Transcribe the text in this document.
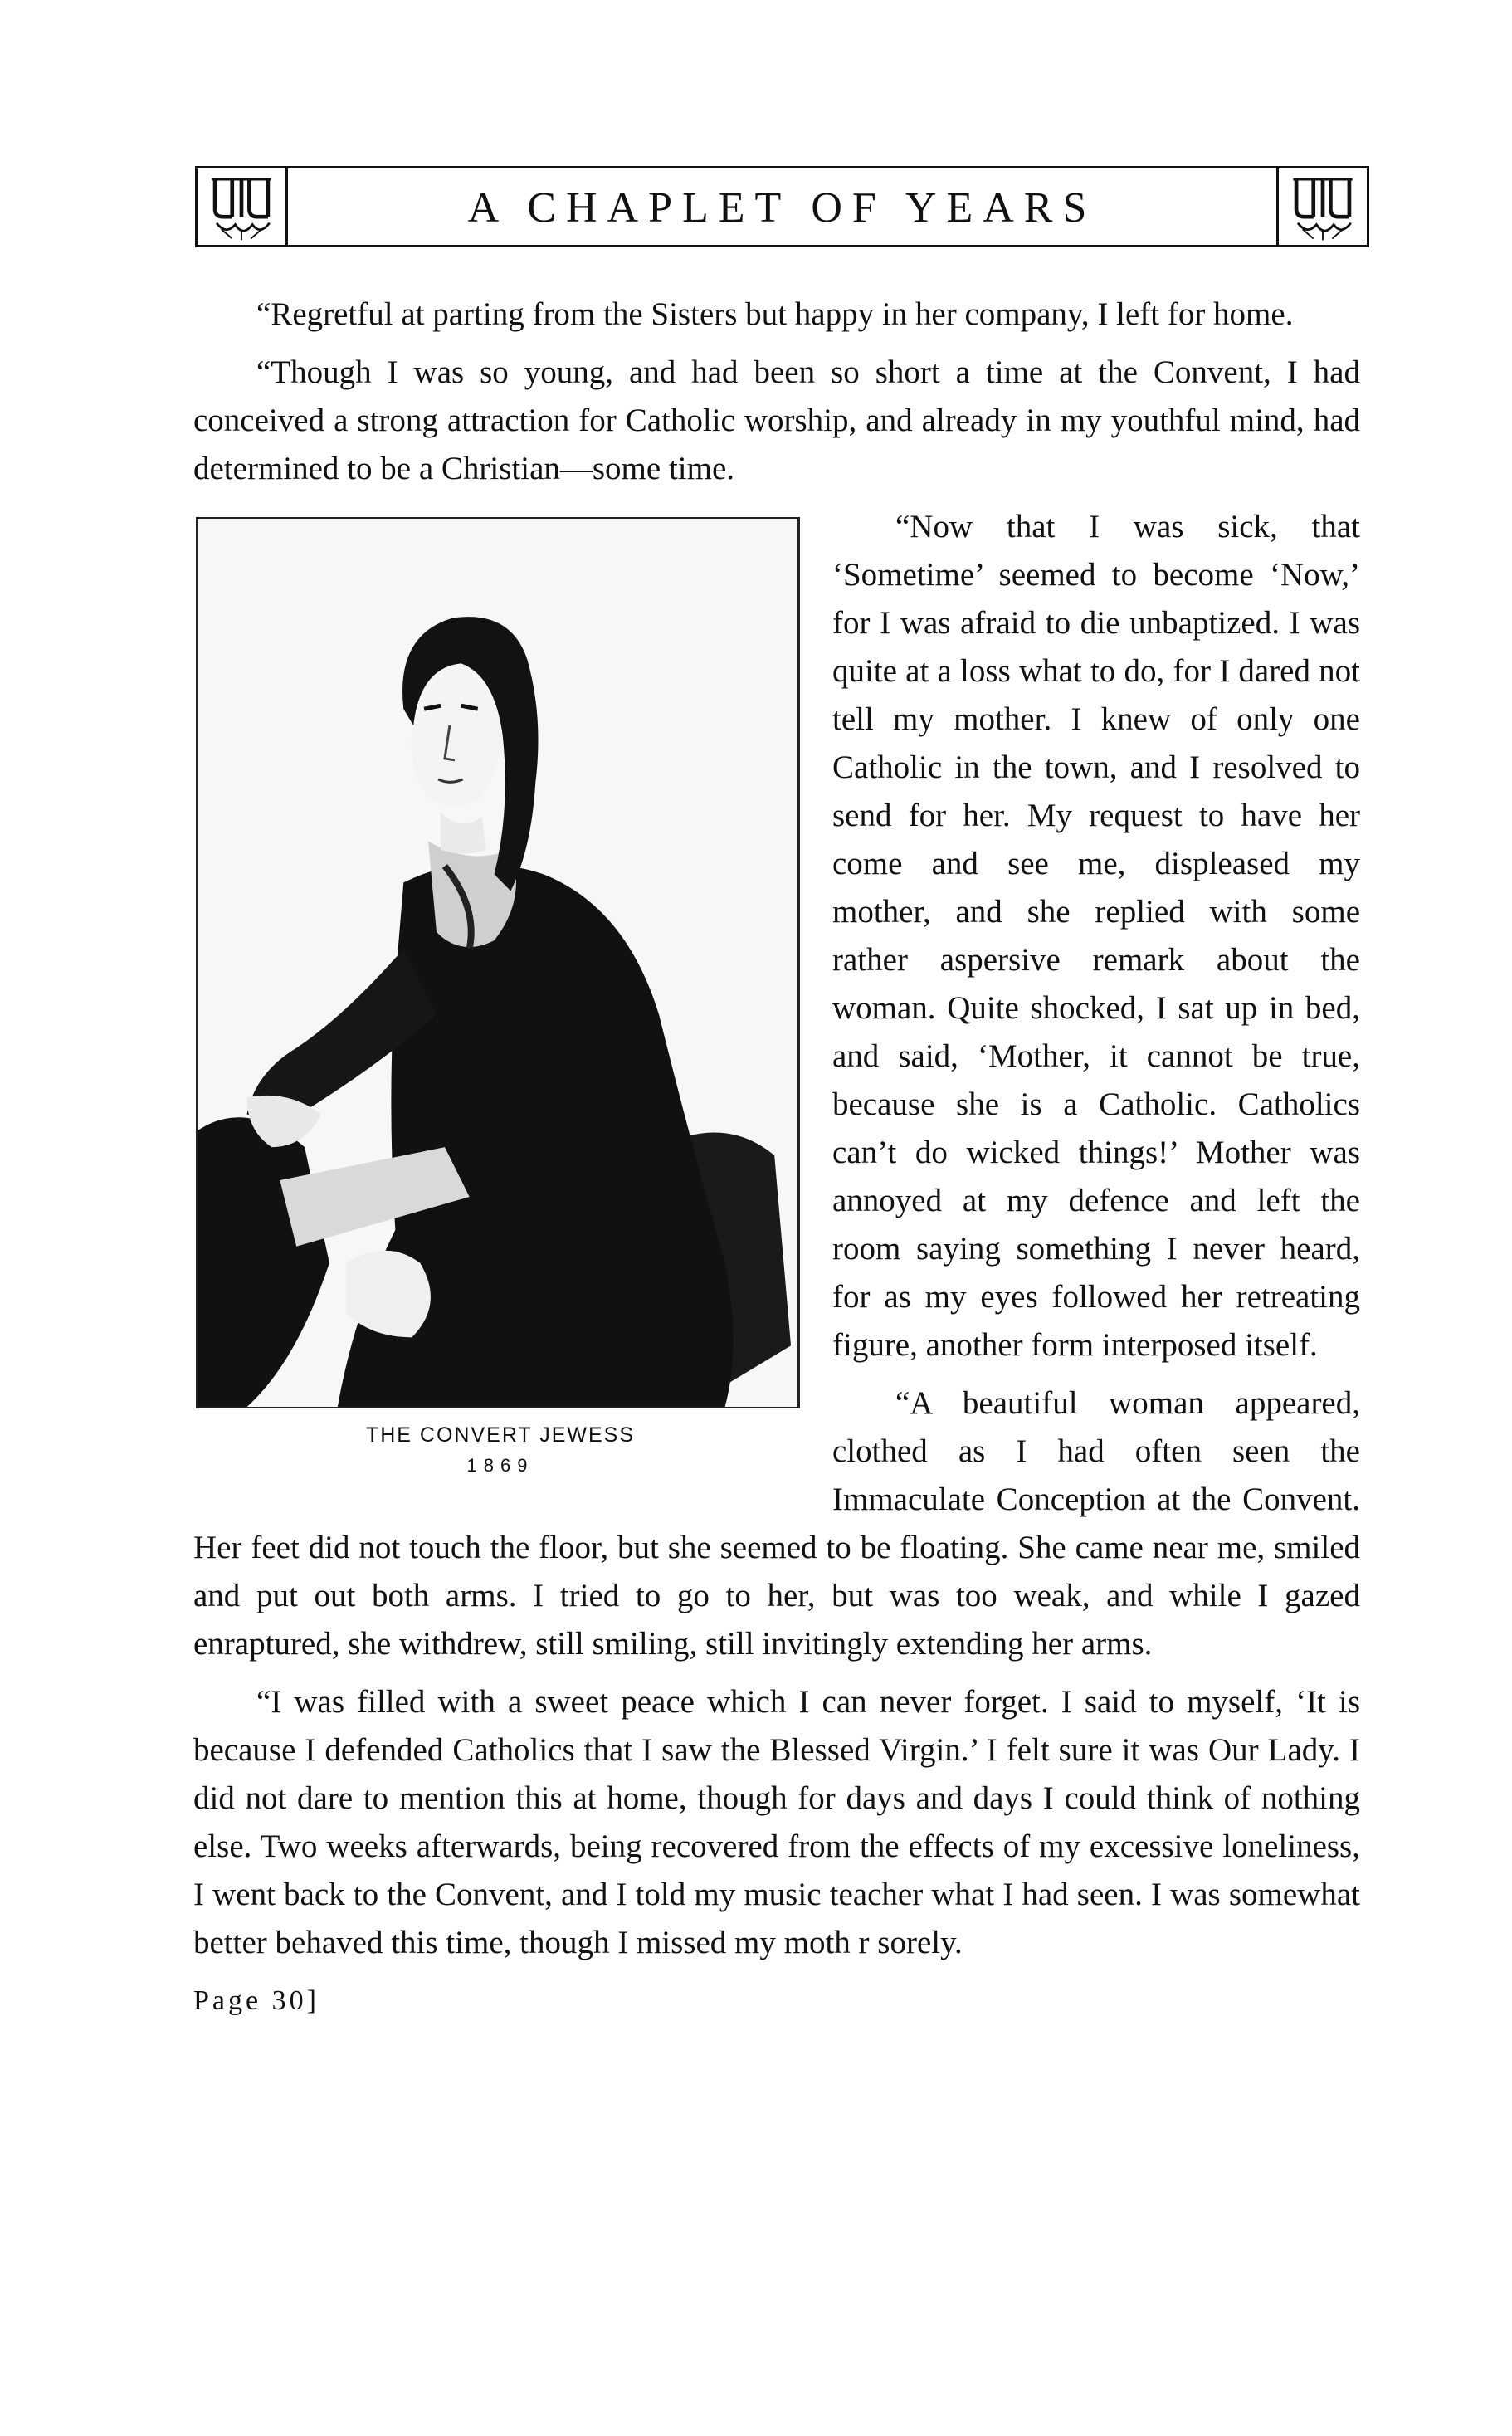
A CHAPLET OF YEARS

“Regretful at parting from the Sisters but happy in her company, I left for home.

“Though I was so young, and had been so short a time at the Convent, I had conceived a strong attraction for Catholic worship, and already in my youthful mind, had determined to be a Christian—some time.

THE CONVERT JEWESS
1869

“Now that I was sick, that ‘Sometime’ seemed to become ‘Now,’ for I was afraid to die unbaptized. I was quite at a loss what to do, for I dared not tell my mother. I knew of only one Catholic in the town, and I resolved to send for her. My request to have her come and see me, displeased my mother, and she replied with some rather aspersive remark about the woman. Quite shocked, I sat up in bed, and said, ‘Mother, it cannot be true, because she is a Catholic. Catholics can’t do wicked things!’ Mother was annoyed at my defence and left the room saying something I never heard, for as my eyes followed her retreating figure, another form interposed itself.

“A beautiful woman appeared, clothed as I had often seen the Immaculate Conception at the Convent. Her feet did not touch the floor, but she seemed to be floating. She came near me, smiled and put out both arms. I tried to go to her, but was too weak, and while I gazed enraptured, she withdrew, still smiling, still invitingly extending her arms.

“I was filled with a sweet peace which I can never forget. I said to myself, ‘It is because I defended Catholics that I saw the Blessed Virgin.’ I felt sure it was Our Lady. I did not dare to mention this at home, though for days and days I could think of nothing else. Two weeks afterwards, being recovered from the effects of my excessive loneliness, I went back to the Convent, and I told my music teacher what I had seen. I was somewhat better behaved this time, though I missed my moth r sorely.

Page 30]
